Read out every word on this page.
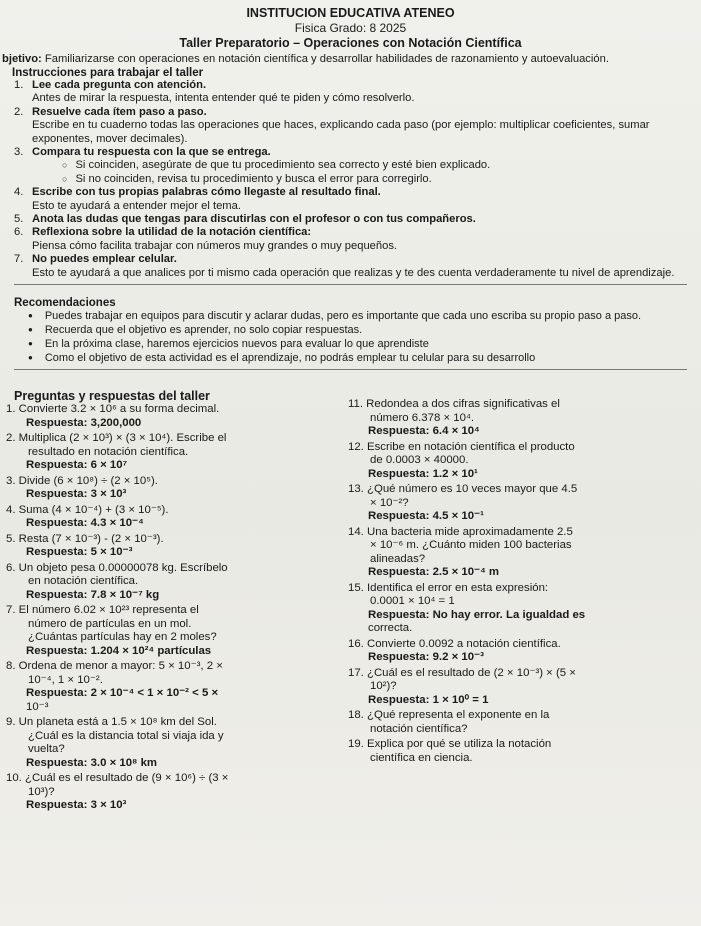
INSTITUCION EDUCATIVA ATENEO
Fisica Grado: 8 2025
Taller Preparatorio – Operaciones con Notación Científica
bjetivo: Familiarizarse con operaciones en notación científica y desarrollar habilidades de razonamiento y autoevaluación.
Instrucciones para trabajar el taller
1. Lee cada pregunta con atención.
Antes de mirar la respuesta, intenta entender qué te piden y cómo resolverlo.
2. Resuelve cada ítem paso a paso.
Escribe en tu cuaderno todas las operaciones que haces, explicando cada paso (por ejemplo: multiplicar coeficientes, sumar exponentes, mover decimales).
3. Compara tu respuesta con la que se entrega.
○ Si coinciden, asegúrate de que tu procedimiento sea correcto y esté bien explicado.
○ Si no coinciden, revisa tu procedimiento y busca el error para corregirlo.
4. Escribe con tus propias palabras cómo llegaste al resultado final.
Esto te ayudará a entender mejor el tema.
5. Anota las dudas que tengas para discutirlas con el profesor o con tus compañeros.
6. Reflexiona sobre la utilidad de la notación científica:
Piensa cómo facilita trabajar con números muy grandes o muy pequeños.
7. No puedes emplear celular.
Esto te ayudará a que analices por ti mismo cada operación que realizas y te des cuenta verdaderamente tu nivel de aprendizaje.
Recomendaciones
● Puedes trabajar en equipos para discutir y aclarar dudas, pero es importante que cada uno escriba su propio paso a paso.
● Recuerda que el objetivo es aprender, no solo copiar respuestas.
● En la próxima clase, haremos ejercicios nuevos para evaluar lo que aprendiste
● Como el objetivo de esta actividad es el aprendizaje, no podrás emplear tu celular para su desarrollo
Preguntas y respuestas del taller
1. Convierte 3.2 × 10⁶ a su forma decimal.
Respuesta: 3,200,000
2. Multiplica (2 × 10³) × (3 × 10⁴). Escribe el
resultado en notación científica.
Respuesta: 6 × 10⁷
3. Divide (6 × 10⁸) ÷ (2 × 10⁵).
Respuesta: 3 × 10³
4. Suma (4 × 10⁻⁴) + (3 × 10⁻⁵).
Respuesta: 4.3 × 10⁻⁴
5. Resta (7 × 10⁻³) - (2 × 10⁻³).
Respuesta: 5 × 10⁻³
6. Un objeto pesa 0.00000078 kg. Escríbelo
en notación científica.
Respuesta: 7.8 × 10⁻⁷ kg
7. El número 6.02 × 10²³ representa el
número de partículas en un mol.
¿Cuántas partículas hay en 2 moles?
Respuesta: 1.204 × 10²⁴ partículas
8. Ordena de menor a mayor: 5 × 10⁻³, 2 ×
10⁻⁴, 1 × 10⁻².
Respuesta: 2 × 10⁻⁴ < 1 × 10⁻² < 5 ×
10⁻³
9. Un planeta está a 1.5 × 10⁸ km del Sol.
¿Cuál es la distancia total si viaja ida y
vuelta?
Respuesta: 3.0 × 10⁸ km
10. ¿Cuál es el resultado de (9 × 10⁶) ÷ (3 ×
10³)?
Respuesta: 3 × 10³
11. Redondea a dos cifras significativas el
número 6.378 × 10⁴.
Respuesta: 6.4 × 10⁴
12. Escribe en notación científica el producto
de 0.0003 × 40000.
Respuesta: 1.2 × 10¹
13. ¿Qué número es 10 veces mayor que 4.5
× 10⁻²?
Respuesta: 4.5 × 10⁻¹
14. Una bacteria mide aproximadamente 2.5
× 10⁻⁶ m. ¿Cuánto miden 100 bacterias
alineadas?
Respuesta: 2.5 × 10⁻⁴ m
15. Identifica el error en esta expresión:
0.0001 × 10⁴ = 1
Respuesta: No hay error. La igualdad es
correcta.
16. Convierte 0.0092 a notación científica.
Respuesta: 9.2 × 10⁻³
17. ¿Cuál es el resultado de (2 × 10⁻³) × (5 ×
10²)?
Respuesta: 1 × 10⁰ = 1
18. ¿Qué representa el exponente en la
notación científica?
19. Explica por qué se utiliza la notación
científica en ciencia.
